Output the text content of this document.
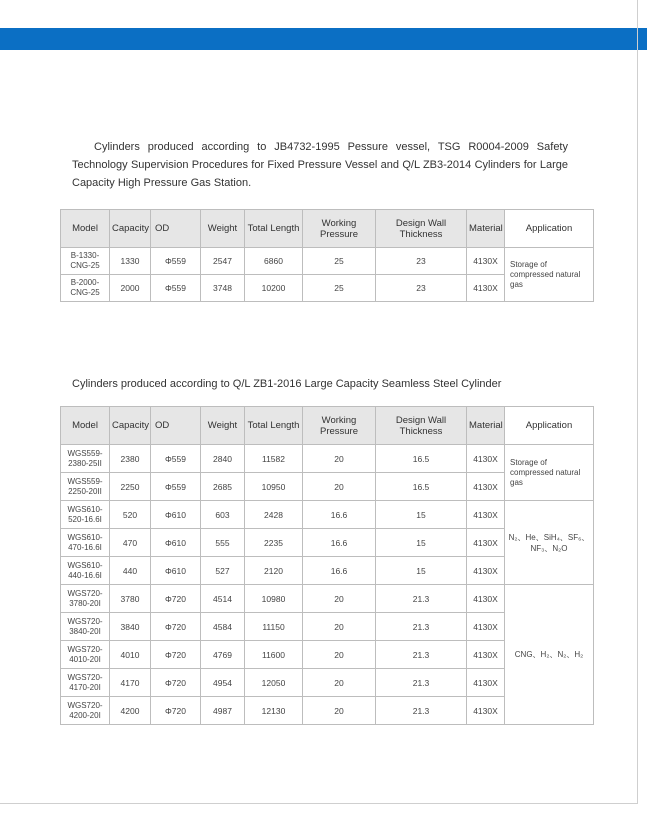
Cylinders produced according to JB4732-1995 Pessure vessel, TSG R0004-2009 Safety Technology Supervision Procedures for Fixed Pressure Vessel and Q/L ZB3-2014 Cylinders for Large Capacity High Pressure Gas Station.

Model	Capacity	OD	Weight	Total Length	Working Pressure	Design Wall Thickness	Material	Application
B-1330-CNG-25	1330	Φ559	2547	6860	25	23	4130X	Storage of compressed natural gas
B-2000-CNG-25	2000	Φ559	3748	10200	25	23	4130X	

Cylinders produced according to Q/L ZB1-2016 Large Capacity Seamless Steel Cylinder

Model	Capacity	OD	Weight	Total Length	Working Pressure	Design Wall Thickness	Material	Application
WGS559-2380-25II	2380	Φ559	2840	11582	20	16.5	4130X	Storage of compressed natural gas
WGS559-2250-20II	2250	Φ559	2685	10950	20	16.5	4130X	
WGS610-520-16.6I	520	Φ610	603	2428	16.6	15	4130X	N₂、He、SiH₄、SF₆、
NF₃、N₂O
WGS610-470-16.6I	470	Φ610	555	2235	16.6	15	4130X	
WGS610-440-16.6I	440	Φ610	527	2120	16.6	15	4130X	
WGS720-3780-20I	3780	Φ720	4514	10980	20	21.3	4130X	CNG、H₂、N₂、H₂
WGS720-3840-20I	3840	Φ720	4584	11150	20	21.3	4130X	
WGS720-4010-20I	4010	Φ720	4769	11600	20	21.3	4130X	
WGS720-4170-20I	4170	Φ720	4954	12050	20	21.3	4130X	
WGS720-4200-20I	4200	Φ720	4987	12130	20	21.3	4130X	
